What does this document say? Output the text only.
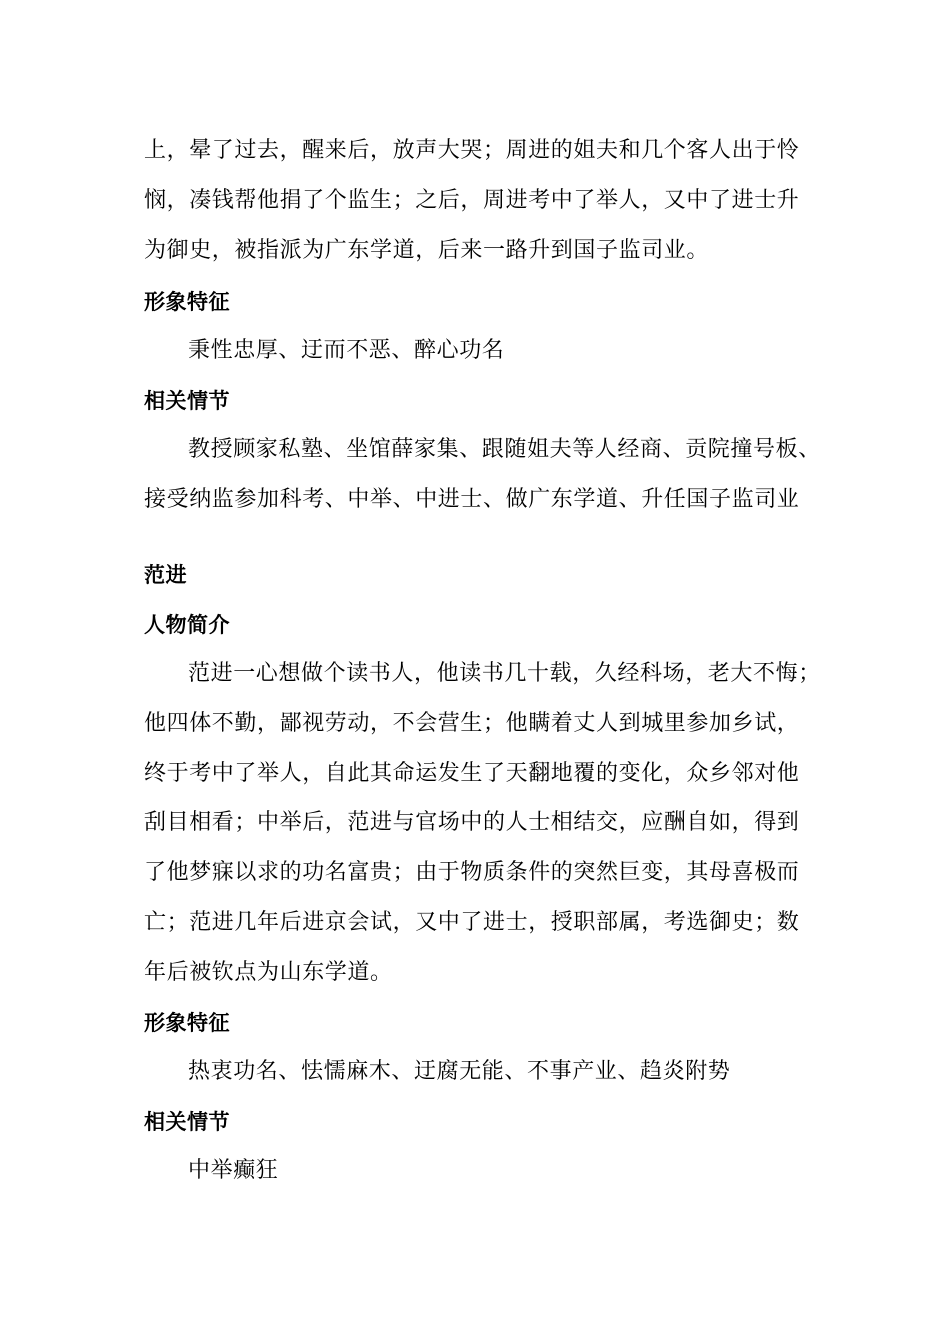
上，晕了过去，醒来后，放声大哭；周进的姐夫和几个客人出于怜
悯，凑钱帮他捐了个监生；之后，周进考中了举人，又中了进士升
为御史，被指派为广东学道，后来一路升到国子监司业。
形象特征
秉性忠厚、迂而不恶、醉心功名
相关情节
教授顾家私塾、坐馆薛家集、跟随姐夫等人经商、贡院撞号板、
接受纳监参加科考、中举、中进士、做广东学道、升任国子监司业
范进
人物简介
范进一心想做个读书人，他读书几十载，久经科场，老大不悔；
他四体不勤，鄙视劳动，不会营生；他瞒着丈人到城里参加乡试，
终于考中了举人，自此其命运发生了天翻地覆的变化，众乡邻对他
刮目相看；中举后，范进与官场中的人士相结交，应酬自如，得到
了他梦寐以求的功名富贵；由于物质条件的突然巨变，其母喜极而
亡；范进几年后进京会试，又中了进士，授职部属，考选御史；数
年后被钦点为山东学道。
形象特征
热衷功名、怯懦麻木、迂腐无能、不事产业、趋炎附势
相关情节
中举癫狂
